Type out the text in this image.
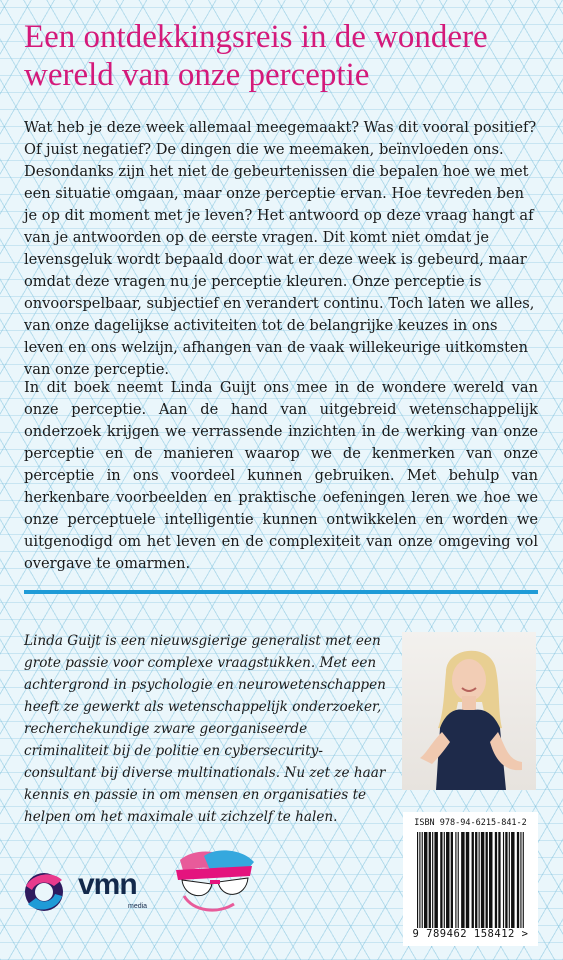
Een ontdekkingsreis in de wondere
wereld van onze perceptie

Wat heb je deze week allemaal meegemaakt? Was dit vooral positief? Of juist negatief? De dingen die we meemaken, beïnvloeden ons. Desondanks zijn het niet de gebeurtenissen die bepalen hoe we met een situatie omgaan, maar onze perceptie ervan. Hoe tevreden ben je op dit moment met je leven? Het antwoord op deze vraag hangt af van je antwoorden op de eerste vragen. Dit komt niet omdat je levensgeluk wordt bepaald door wat er deze week is gebeurd, maar omdat deze vragen nu je perceptie kleuren. Onze perceptie is onvoorspelbaar, subjectief en verandert continu. Toch laten we alles, van onze dagelijkse activiteiten tot de belangrijke keuzes in ons leven en ons welzijn, afhangen van de vaak willekeurige uitkomsten van onze perceptie.

In dit boek neemt Linda Guijt ons mee in de wondere wereld van onze perceptie. Aan de hand van uitgebreid wetenschappelijk onderzoek krijgen we verrassende inzichten in de werking van onze perceptie en de manieren waarop we de kenmerken van onze perceptie in ons voordeel kunnen gebruiken. Met behulp van herkenbare voorbeelden en praktische oefeningen leren we hoe we onze perceptuele intelligentie kunnen ontwikkelen en worden we uitgenodigd om het leven en de complexiteit van onze omgeving vol overgave te omarmen.

Linda Guijt is een nieuwsgierige generalist met een grote passie voor complexe vraagstukken. Met een achtergrond in psychologie en neurowetenschappen heeft ze gewerkt als wetenschappelijk onderzoeker, recherchekundige zware georganiseerde criminaliteit bij de politie en cybersecurity-consultant bij diverse multinationals. Nu zet ze haar kennis en passie in om mensen en organisaties te helpen om het maximale uit zichzelf te halen.	ISBN 978-94-6215-841-2
9 789462 158412 >
vmn
media
